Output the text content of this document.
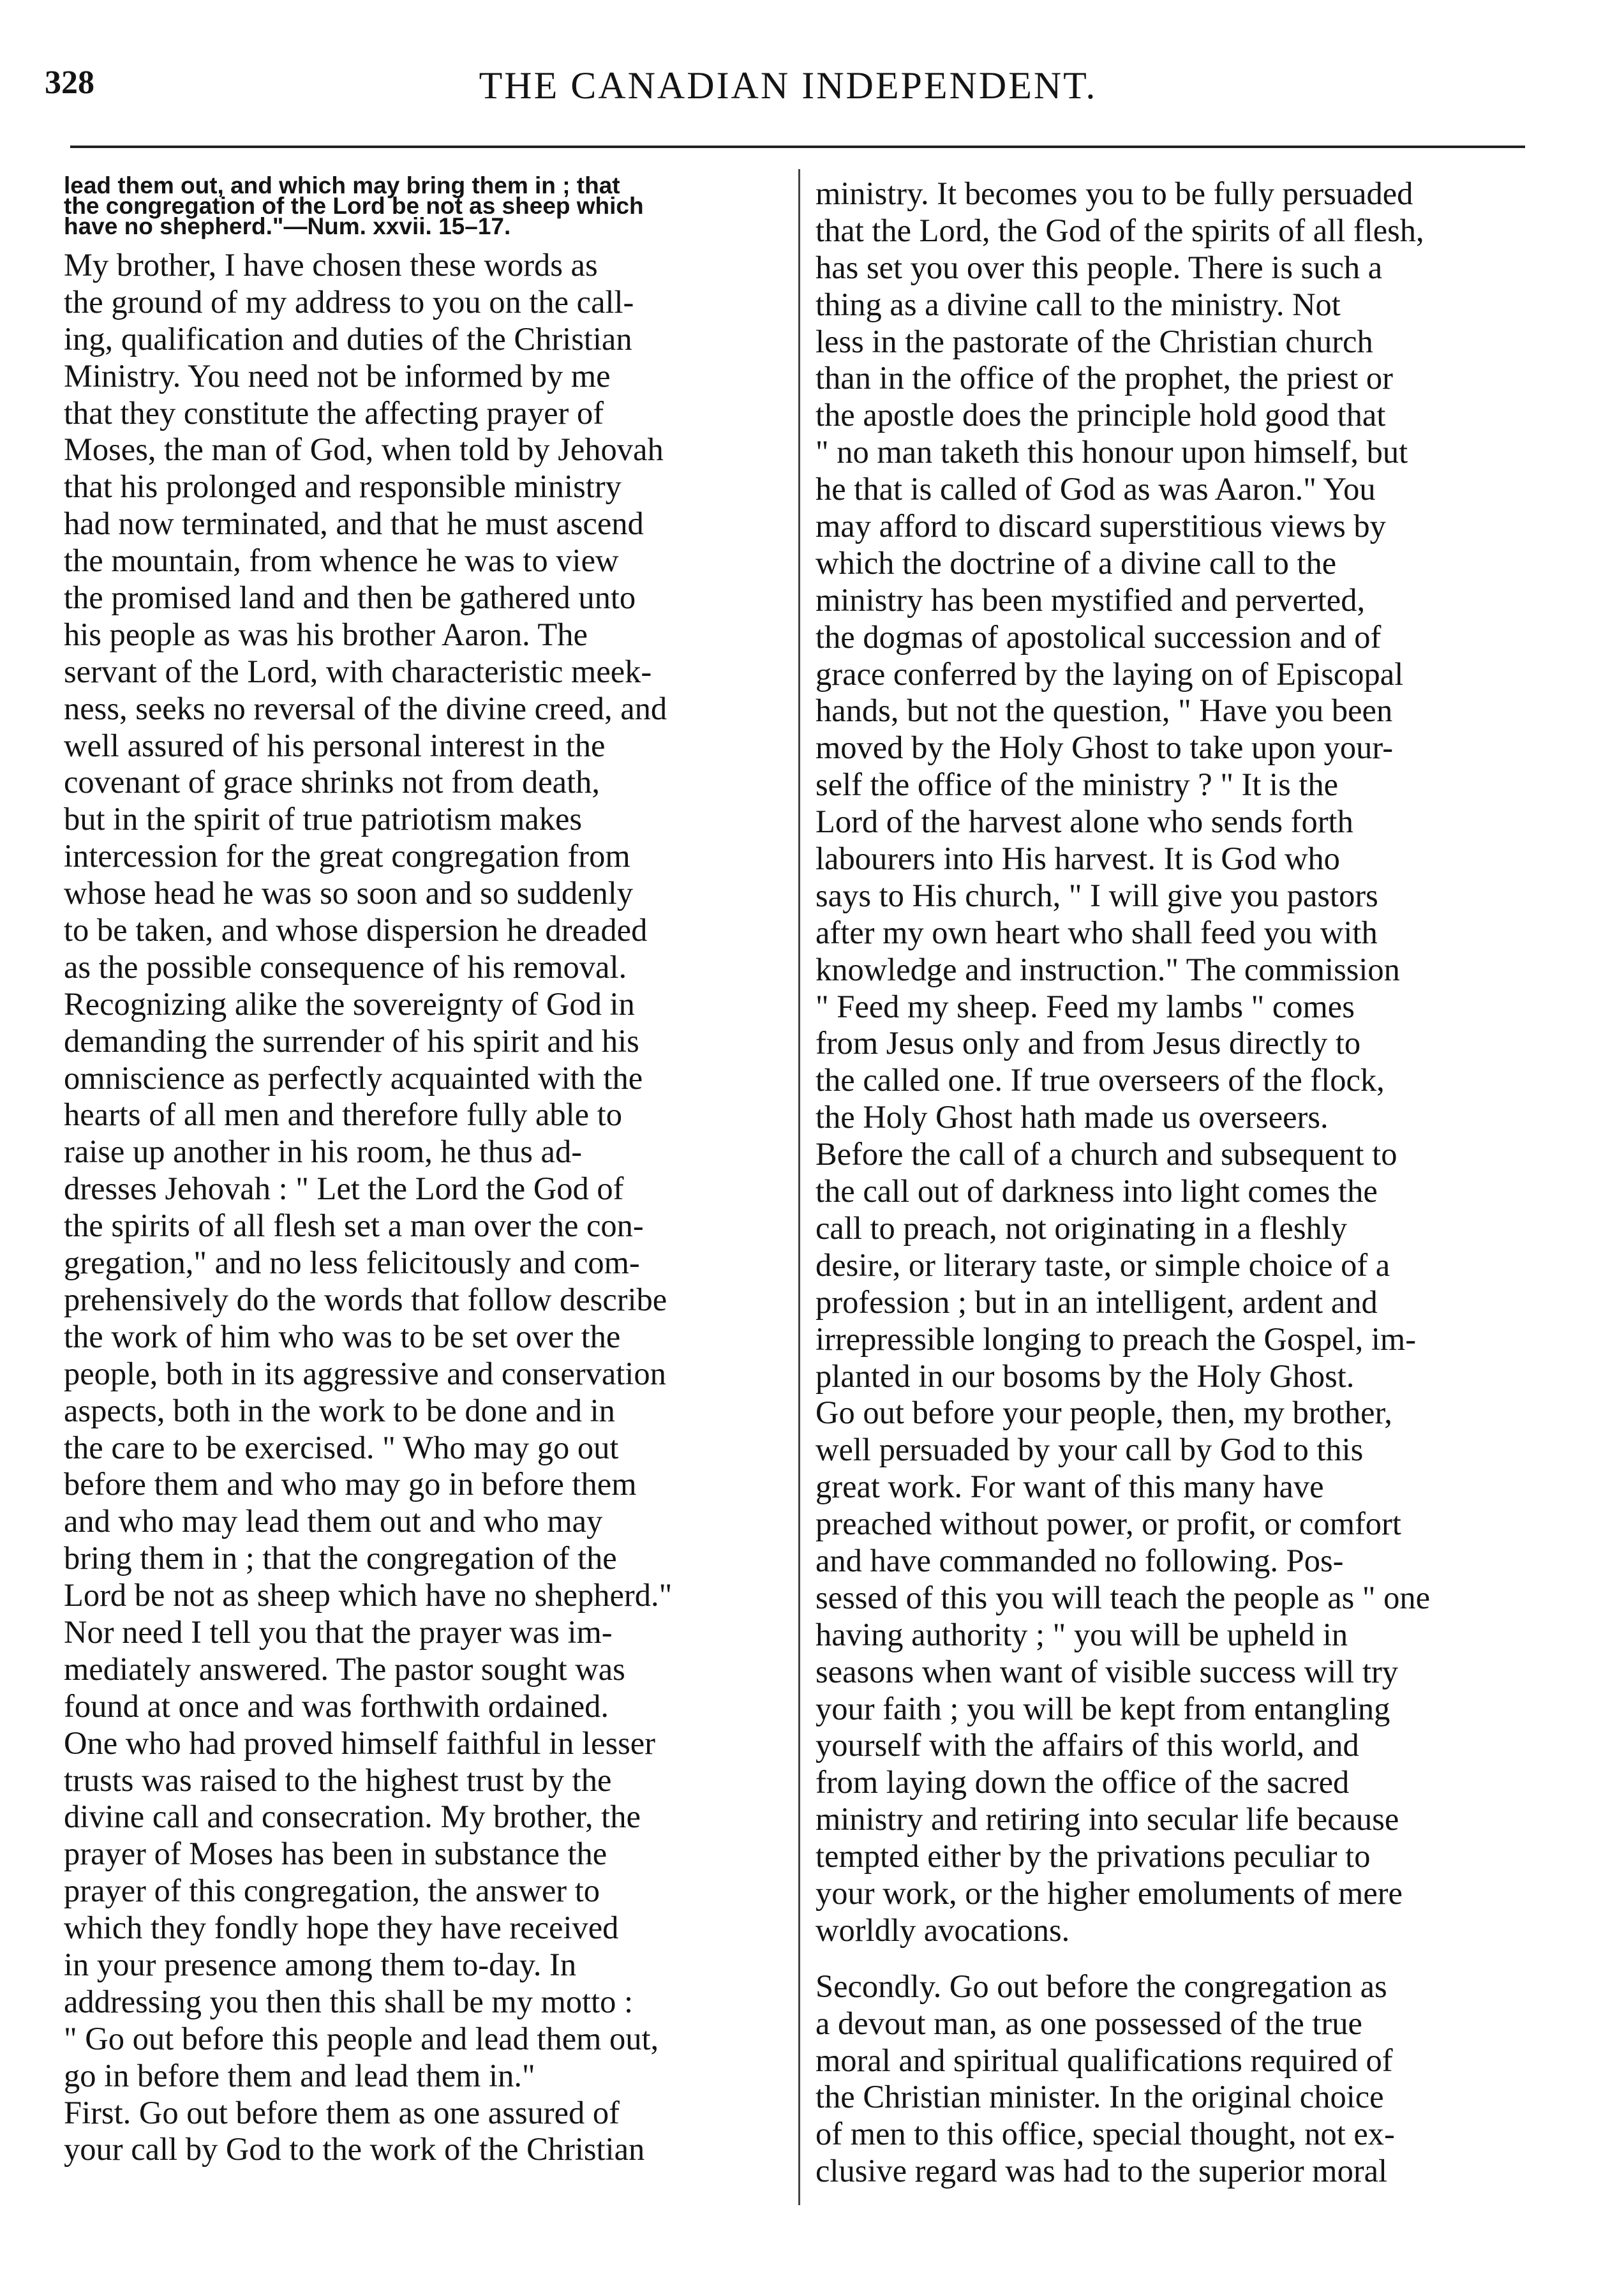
328	THE CANADIAN INDEPENDENT.
lead them out, and which may bring them in ; that
the congregation of the Lord be not as sheep which
have no shepherd."—Num. xxvii. 15–17.
My brother, I have chosen these words as
the ground of my address to you on the call-
ing, qualification and duties of the Christian
Ministry. You need not be informed by me
that they constitute the affecting prayer of
Moses, the man of God, when told by Jehovah
that his prolonged and responsible ministry
had now terminated, and that he must ascend
the mountain, from whence he was to view
the promised land and then be gathered unto
his people as was his brother Aaron. The
servant of the Lord, with characteristic meek-
ness, seeks no reversal of the divine creed, and
well assured of his personal interest in the
covenant of grace shrinks not from death,
but in the spirit of true patriotism makes
intercession for the great congregation from
whose head he was so soon and so suddenly
to be taken, and whose dispersion he dreaded
as the possible consequence of his removal.
Recognizing alike the sovereignty of God in
demanding the surrender of his spirit and his
omniscience as perfectly acquainted with the
hearts of all men and therefore fully able to
raise up another in his room, he thus ad-
dresses Jehovah : " Let the Lord the God of
the spirits of all flesh set a man over the con-
gregation," and no less felicitously and com-
prehensively do the words that follow describe
the work of him who was to be set over the
people, both in its aggressive and conservation
aspects, both in the work to be done and in
the care to be exercised. " Who may go out
before them and who may go in before them
and who may lead them out and who may
bring them in ; that the congregation of the
Lord be not as sheep which have no shepherd."
Nor need I tell you that the prayer was im-
mediately answered. The pastor sought was
found at once and was forthwith ordained.
One who had proved himself faithful in lesser
trusts was raised to the highest trust by the
divine call and consecration. My brother, the
prayer of Moses has been in substance the
prayer of this congregation, the answer to
which they fondly hope they have received
in your presence among them to-day. In
addressing you then this shall be my motto :
" Go out before this people and lead them out,
go in before them and lead them in."
First. Go out before them as one assured of
your call by God to the work of the Christian
ministry. It becomes you to be fully persuaded
that the Lord, the God of the spirits of all flesh,
has set you over this people. There is such a
thing as a divine call to the ministry. Not
less in the pastorate of the Christian church
than in the office of the prophet, the priest or
the apostle does the principle hold good that
" no man taketh this honour upon himself, but
he that is called of God as was Aaron." You
may afford to discard superstitious views by
which the doctrine of a divine call to the
ministry has been mystified and perverted,
the dogmas of apostolical succession and of
grace conferred by the laying on of Episcopal
hands, but not the question, " Have you been
moved by the Holy Ghost to take upon your-
self the office of the ministry ? " It is the
Lord of the harvest alone who sends forth
labourers into His harvest. It is God who
says to His church, " I will give you pastors
after my own heart who shall feed you with
knowledge and instruction." The commission
" Feed my sheep. Feed my lambs " comes
from Jesus only and from Jesus directly to
the called one. If true overseers of the flock,
the Holy Ghost hath made us overseers.
Before the call of a church and subsequent to
the call out of darkness into light comes the
call to preach, not originating in a fleshly
desire, or literary taste, or simple choice of a
profession ; but in an intelligent, ardent and
irrepressible longing to preach the Gospel, im-
planted in our bosoms by the Holy Ghost.
Go out before your people, then, my brother,
well persuaded by your call by God to this
great work. For want of this many have
preached without power, or profit, or comfort
and have commanded no following. Pos-
sessed of this you will teach the people as " one
having authority ; " you will be upheld in
seasons when want of visible success will try
your faith ; you will be kept from entangling
yourself with the affairs of this world, and
from laying down the office of the sacred
ministry and retiring into secular life because
tempted either by the privations peculiar to
your work, or the higher emoluments of mere
worldly avocations.
Secondly. Go out before the congregation as
a devout man, as one possessed of the true
moral and spiritual qualifications required of
the Christian minister. In the original choice
of men to this office, special thought, not ex-
clusive regard was had to the superior moral
